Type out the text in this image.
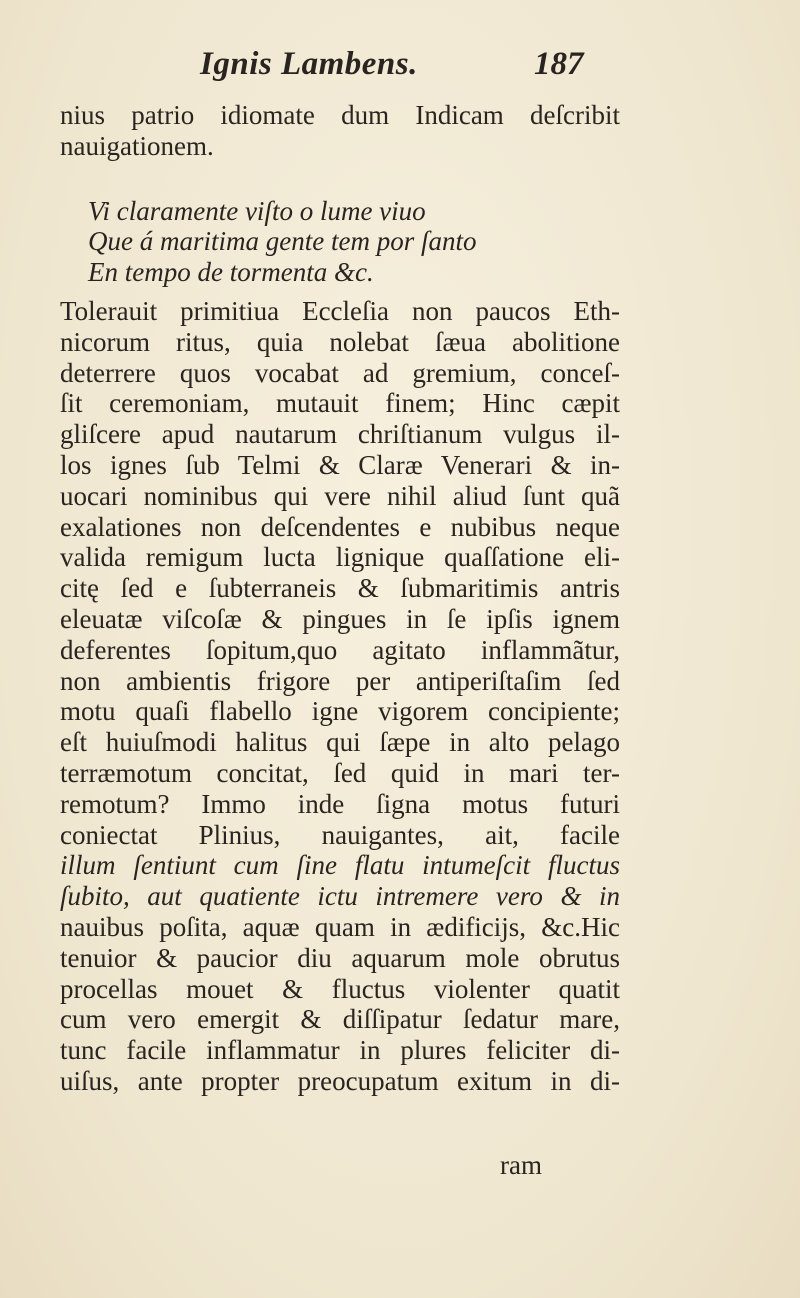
Ignis Lambens.	187
nius patrio idiomate dum Indicam deſcribit
nauigationem.
Vi claramente viſto o lume viuo
Que á maritima gente tem por ſanto
En tempo de tormenta &c.
Tolerauit primitiua Eccleſia non paucos Eth-
nicorum ritus, quia nolebat ſæua abolitione
deterrere quos vocabat ad gremium, conceſ-
ſit ceremoniam, mutauit finem; Hinc cæpit
gliſcere apud nautarum chriſtianum vulgus il-
los ignes ſub Telmi & Claræ Venerari & in-
uocari nominibus qui vere nihil aliud ſunt quã
exalationes non deſcendentes e nubibus neque
valida remigum lucta lignique quaſſatione eli-
citę ſed e ſubterraneis & ſubmaritimis antris
eleuatæ viſcoſæ & pingues in ſe ipſis ignem
deferentes ſopitum,quo agitato inflammãtur,
non ambientis frigore per antiperiſtaſim ſed
motu quaſi flabello igne vigorem concipiente;
eſt huiuſmodi halitus qui ſæpe in alto pelago
terræmotum concitat, ſed quid in mari ter-
remotum? Immo inde ſigna motus futuri
coniectat Plinius, nauigantes, ait, facile
illum ſentiunt cum ſine flatu intumeſcit fluctus
ſubito, aut quatiente ictu intremere vero & in
nauibus poſita, aquæ quam in ædificijs, &c.Hic
tenuior & paucior diu aquarum mole obrutus
procellas mouet & fluctus violenter quatit
cum vero emergit & diſſipatur ſedatur mare,
tunc facile inflammatur in plures feliciter di-
uiſus, ante propter preocupatum exitum in di-
ram
